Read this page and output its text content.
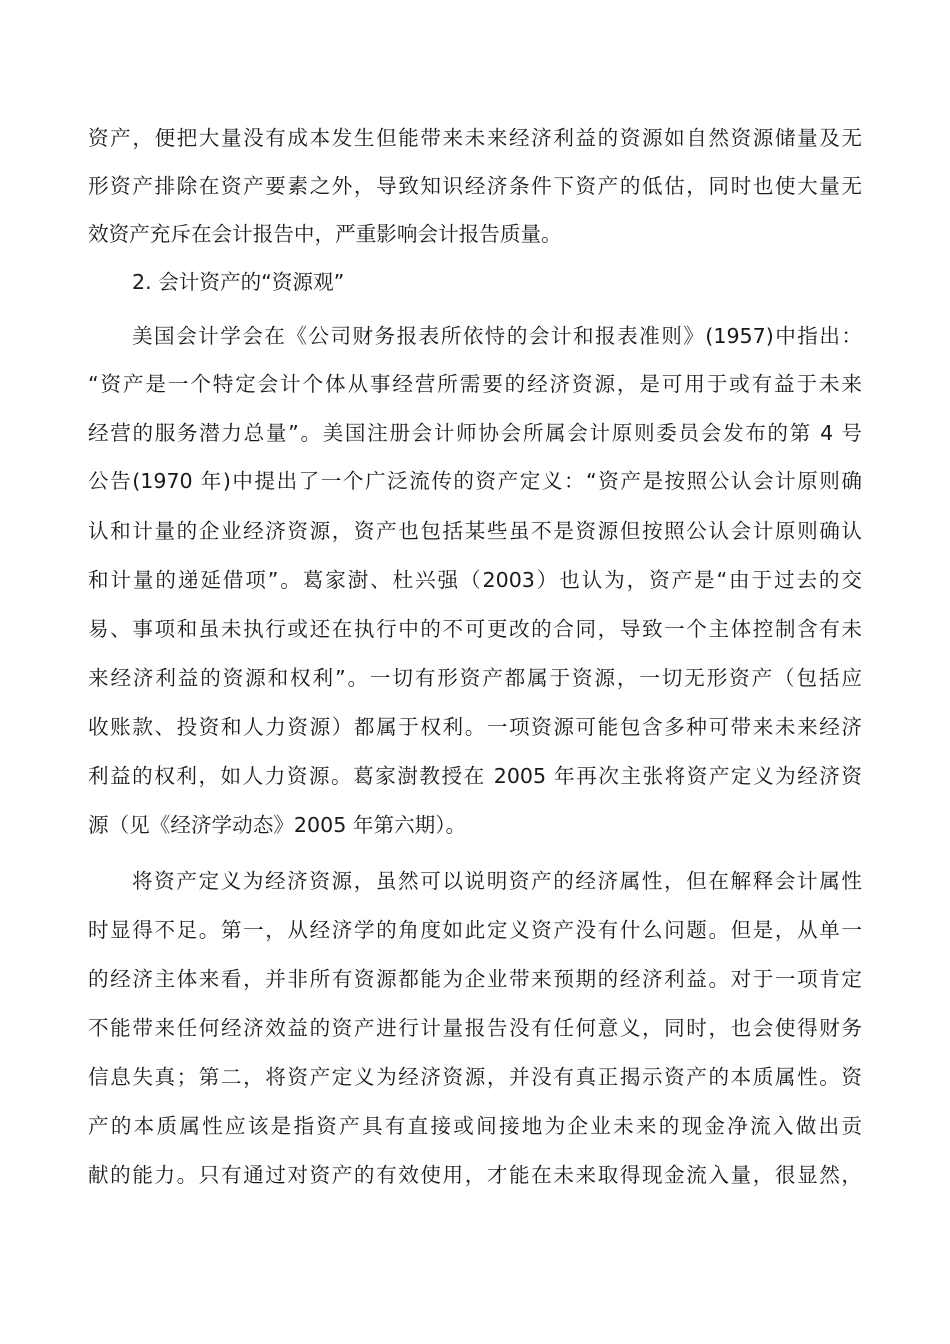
资产，便把大量没有成本发生但能带来未来经济利益的资源如自然资源储量及无
形资产排除在资产要素之外，导致知识经济条件下资产的低估，同时也使大量无
效资产充斥在会计报告中，严重影响会计报告质量。
2. 会计资产的“资源观”
美国会计学会在《公司财务报表所依恃的会计和报表准则》(1957)中指出：
“资产是一个特定会计个体从事经营所需要的经济资源，是可用于或有益于未来
经营的服务潜力总量”。美国注册会计师协会所属会计原则委员会发布的第 4 号
公告(1970 年)中提出了一个广泛流传的资产定义：“资产是按照公认会计原则确
认和计量的企业经济资源，资产也包括某些虽不是资源但按照公认会计原则确认
和计量的递延借项”。葛家澍、杜兴强（2003）也认为，资产是“由于过去的交
易、事项和虽未执行或还在执行中的不可更改的合同，导致一个主体控制含有未
来经济利益的资源和权利”。一切有形资产都属于资源，一切无形资产（包括应
收账款、投资和人力资源）都属于权利。一项资源可能包含多种可带来未来经济
利益的权利，如人力资源。葛家澍教授在 2005 年再次主张将资产定义为经济资
源（见《经济学动态》2005 年第六期）。
将资产定义为经济资源，虽然可以说明资产的经济属性，但在解释会计属性
时显得不足。第一，从经济学的角度如此定义资产没有什么问题。但是，从单一
的经济主体来看，并非所有资源都能为企业带来预期的经济利益。对于一项肯定
不能带来任何经济效益的资产进行计量报告没有任何意义，同时，也会使得财务
信息失真；第二，将资产定义为经济资源，并没有真正揭示资产的本质属性。资
产的本质属性应该是指资产具有直接或间接地为企业未来的现金净流入做出贡
献的能力。只有通过对资产的有效使用，才能在未来取得现金流入量，很显然，
